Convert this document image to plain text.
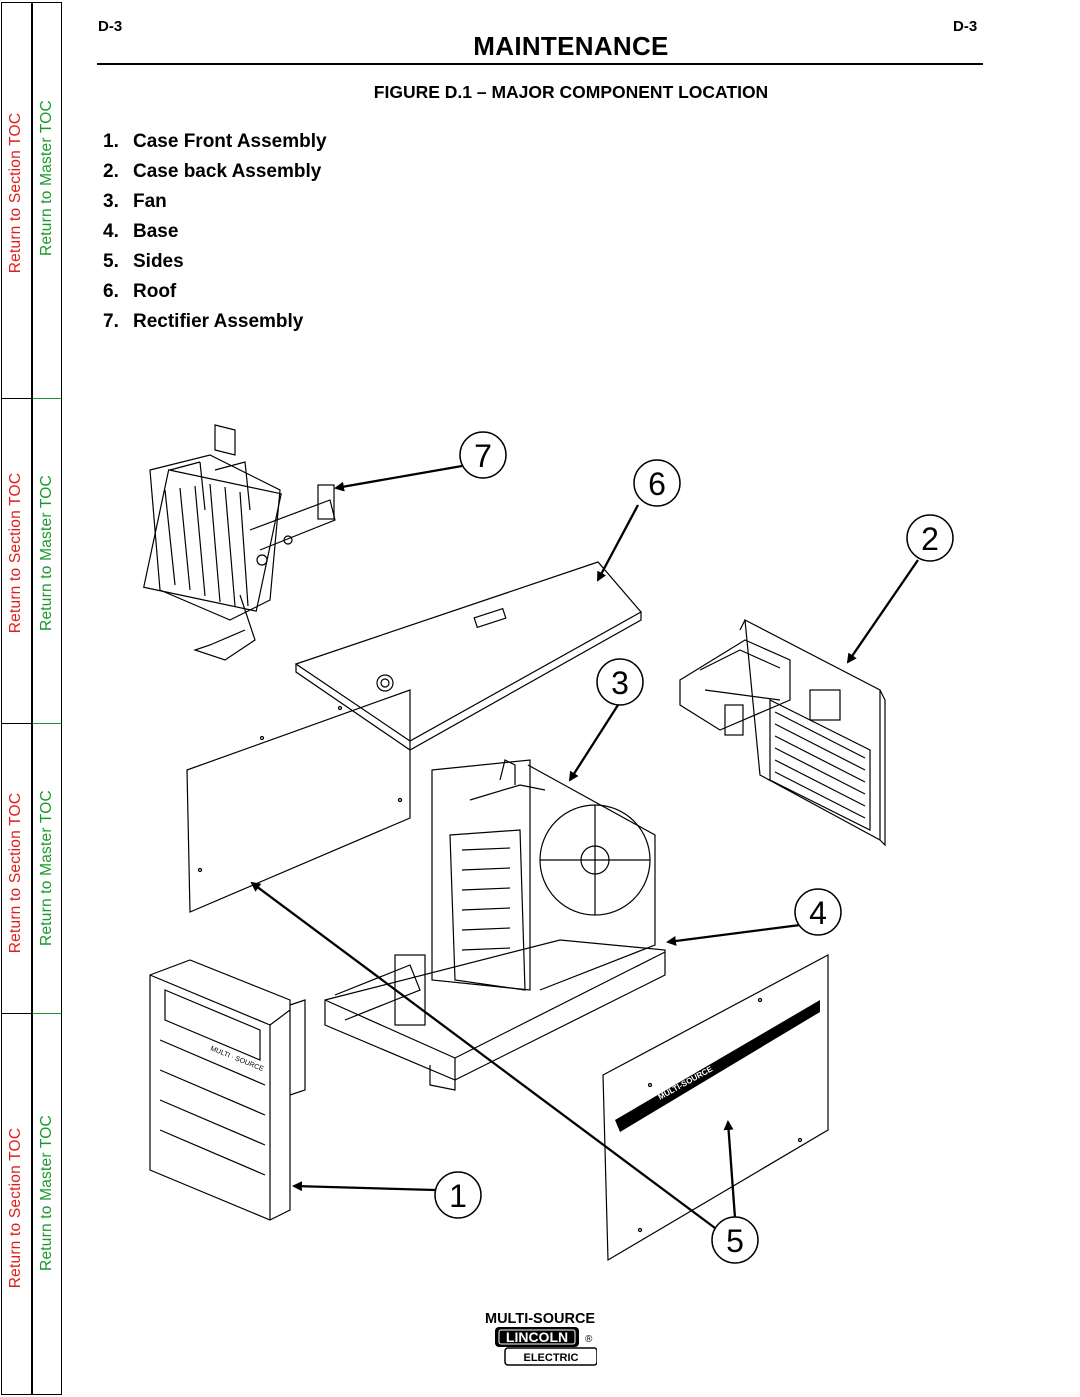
Return to Section TOC
Return to Section TOC
Return to Section TOC
Return to Section TOC
Return to Master TOC
Return to Master TOC
Return to Master TOC
Return to Master TOC
D-3	D-3
MAINTENANCE
FIGURE D.1 – MAJOR COMPONENT LOCATION
1. Case Front Assembly
2. Case back Assembly
3. Fan
4. Base
5. Sides
6. Roof
7. Rectifier Assembly
7
6
2
3
4
1
5
MULTI-SOURCE
MULTI · SOURCE
MULTI-SOURCE
LINCOLN ®
ELECTRIC
